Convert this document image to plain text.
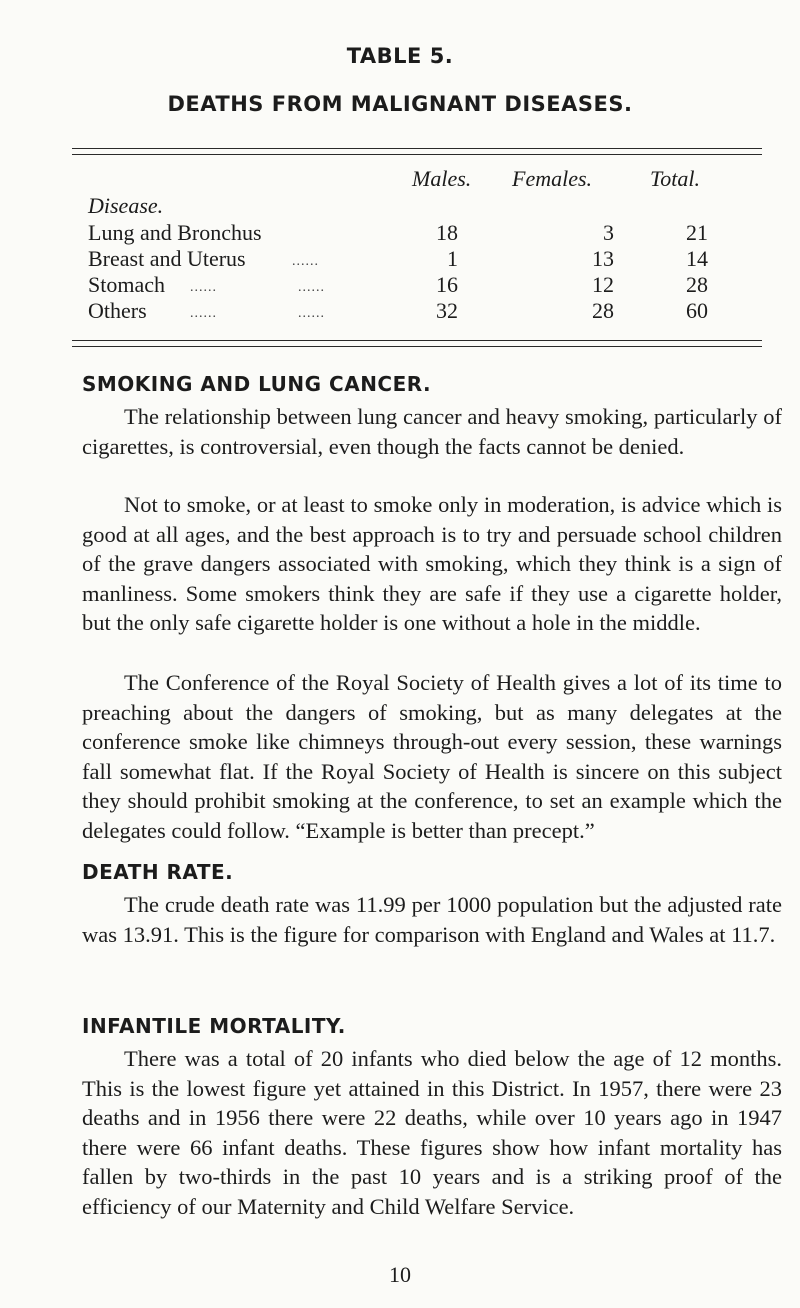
TABLE 5.
DEATHS FROM MALIGNANT DISEASES.
Males. Females.	Total.
Disease.
Lung and Bronchus	18	3	21
Breast and Uterus	......	1	13	14
Stomach ......	......	16	12	28
Others	......	......	32	28	60
SMOKING AND LUNG CANCER.

The relationship between lung cancer and heavy smoking, particularly of cigarettes, is controversial, even though the facts cannot be denied.

Not to smoke, or at least to smoke only in moderation, is advice which is good at all ages, and the best approach is to try and persuade school children of the grave dangers associated with smoking, which they think is a sign of manliness. Some smokers think they are safe if they use a cigarette holder, but the only safe cigarette holder is one without a hole in the middle.

The Conference of the Royal Society of Health gives a lot of its time to preaching about the dangers of smoking, but as many delegates at the conference smoke like chimneys through-out every session, these warnings fall somewhat flat. If the Royal Society of Health is sincere on this subject they should prohibit smoking at the conference, to set an example which the delegates could follow. “Example is better than precept.”

DEATH RATE.

The crude death rate was 11.99 per 1000 population but the adjusted rate was 13.91. This is the figure for comparison with England and Wales at 11.7.

INFANTILE MORTALITY.

There was a total of 20 infants who died below the age of 12 months. This is the lowest figure yet attained in this District. In 1957, there were 23 deaths and in 1956 there were 22 deaths, while over 10 years ago in 1947 there were 66 infant deaths. These figures show how infant mortality has fallen by two-thirds in the past 10 years and is a striking proof of the efficiency of our Maternity and Child Welfare Service.

10
